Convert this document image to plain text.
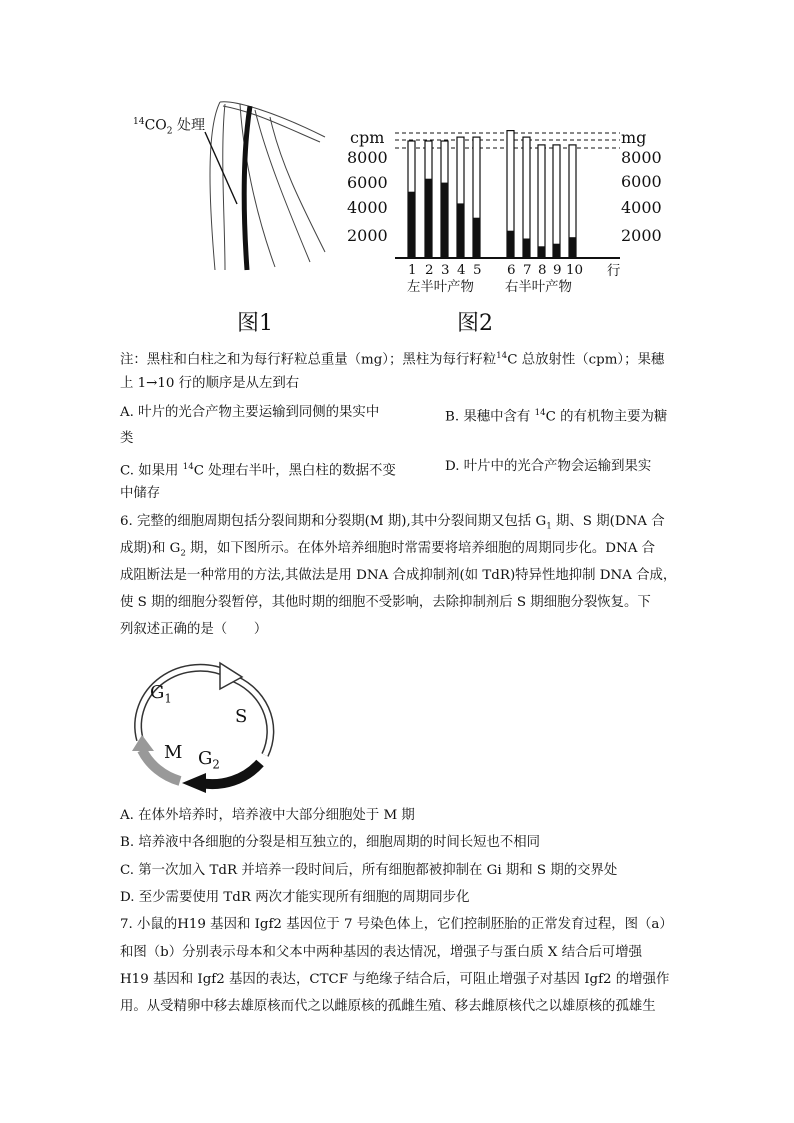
$^{14}CO_2$ 处理
图1
cpm	mg
8000
6000
4000
2000
8000
6000
4000
2000
1 2 3 4 5 6 7 8 9 10 行
左半叶产物 右半叶产物
图2
注：黑柱和白柱之和为每行籽粒总重量（mg）；黑柱为每行籽粒$^{14}$C 总放射性（cpm）；果穗
上 1→10 行的顺序是从左到右
A. 叶片的光合产物主要运输到同侧的果实中	B. 果穗中含有 $^{14}$C 的有机物主要为糖
类
C. 如果用 $^{14}$C 处理右半叶，黑白柱的数据不变	D. 叶片中的光合产物会运输到果实
中储存
6. 完整的细胞周期包括分裂间期和分裂期(M 期),其中分裂间期又包括 $G_1$ 期、S 期(DNA 合
成期)和 $G_2$ 期，如下图所示。在体外培养细胞时常需要将培养细胞的周期同步化。DNA 合
成阻断法是一种常用的方法,其做法是用 DNA 合成抑制剂(如 TdR)特异性地抑制 DNA 合成，
使 S 期的细胞分裂暂停，其他时期的细胞不受影响，去除抑制剂后 S 期细胞分裂恢复。下
列叙述正确的是（　　）
$G_1$
S
M $G_2$
A. 在体外培养时，培养液中大部分细胞处于 M 期
B. 培养液中各细胞的分裂是相互独立的，细胞周期的时间长短也不相同
C. 第一次加入 TdR 并培养一段时间后，所有细胞都被抑制在 Gi 期和 S 期的交界处
D. 至少需要使用 TdR 两次才能实现所有细胞的周期同步化
7. 小鼠的H19 基因和 Igf2 基因位于 7 号染色体上，它们控制胚胎的正常发育过程，图（a）
和图（b）分别表示母本和父本中两种基因的表达情况，增强子与蛋白质 X 结合后可增强
H19 基因和 Igf2 基因的表达，CTCF 与绝缘子结合后，可阻止增强子对基因 Igf2 的增强作
用。从受精卵中移去雄原核而代之以雌原核的孤雌生殖、移去雌原核代之以雄原核的孤雄生
